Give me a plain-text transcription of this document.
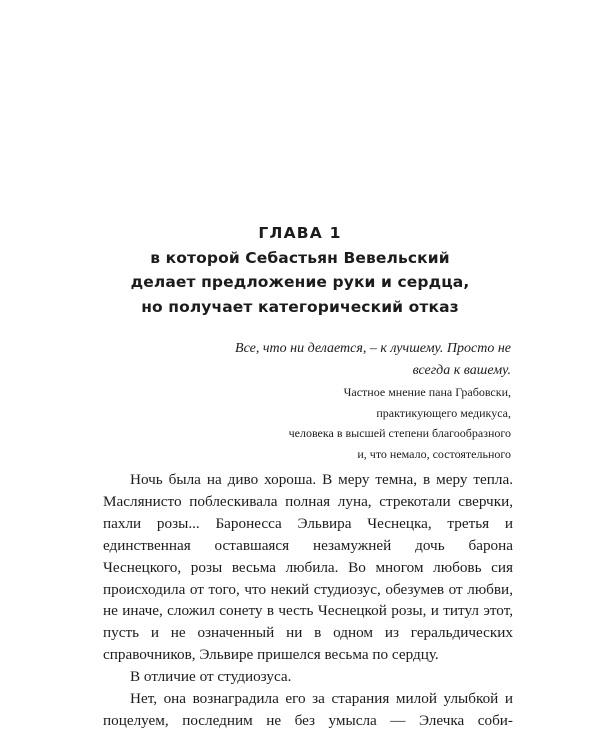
ГЛАВА 1
в которой Себастьян Вевельский
делает предложение руки и сердца,
но получает категорический отказ
Все, что ни делается, – к лучшему. Просто не
всегда к вашему.
Частное мнение пана Грабовски,
практикующего медикуса,
человека в высшей степени благообразного
и, что немало, состоятельного

Ночь была на диво хороша. В меру темна, в меру теплa. Маслянисто поблескивала полная луна, стрекотали сверчки, пахли розы... Баронесса Эльвира Чеснецка, третья и единственная оставшаяся незамужней дочь барона Чеснецкого, розы весьма любила. Во многом любовь сия происходила от того, что некий студиозус, обезумев от любви, не иначе, сложил сонету в честь Чеснецкой розы, и титул этот, пусть и не означенный ни в одном из геральдических справочников, Эльвире пришелся весьма по сердцу.

В отличие от студиозуса.

Нет, она вознаградила его за старания милой улыбкой и поцелуем, последним не без умысла — Элечка соби-
